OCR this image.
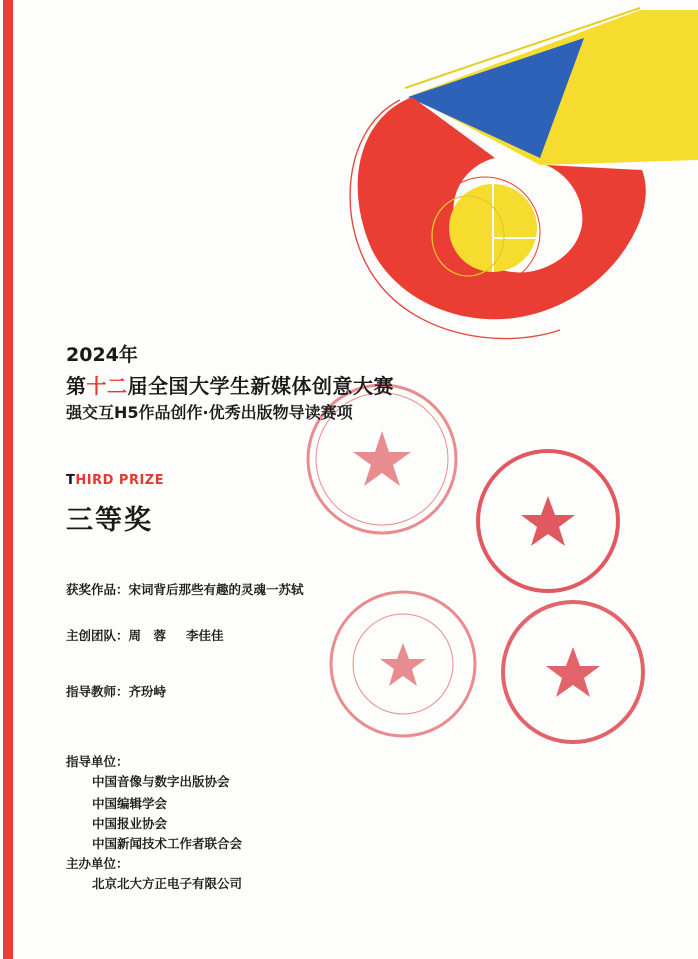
2024年
第十二届全国大学生新媒体创意大赛
强交互H5作品创作·优秀出版物导读赛项
THIRD PRIZE
三等奖
获奖作品：宋词背后那些有趣的灵魂一苏轼
主创团队：周　蓉 李佳佳
指导教师：齐玢峙
指导单位：
中国音像与数字出版协会
中国编辑学会
中国报业协会
中国新闻技术工作者联合会
主办单位：
北京北大方正电子有限公司
